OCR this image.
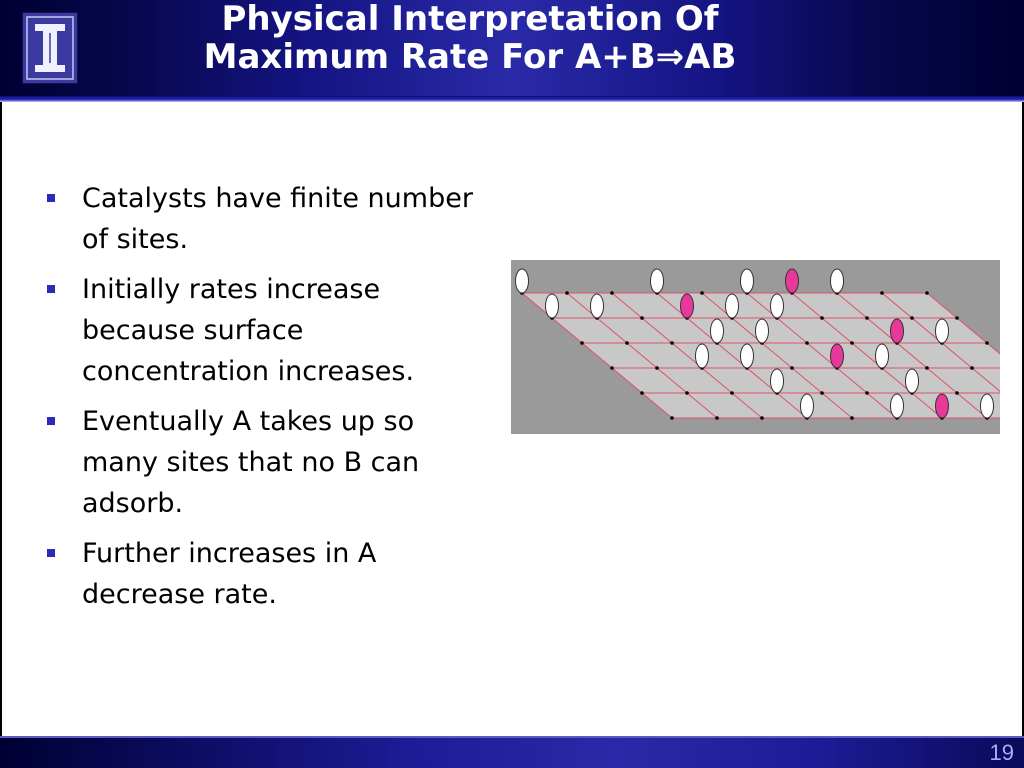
Physical Interpretation Of
Maximum Rate For A+B⇒AB
Catalysts have finite number of sites.
Initially rates increase because surface concentration increases.
Eventually A takes up so many sites that no B can adsorb.
Further increases in A decrease rate.
19
